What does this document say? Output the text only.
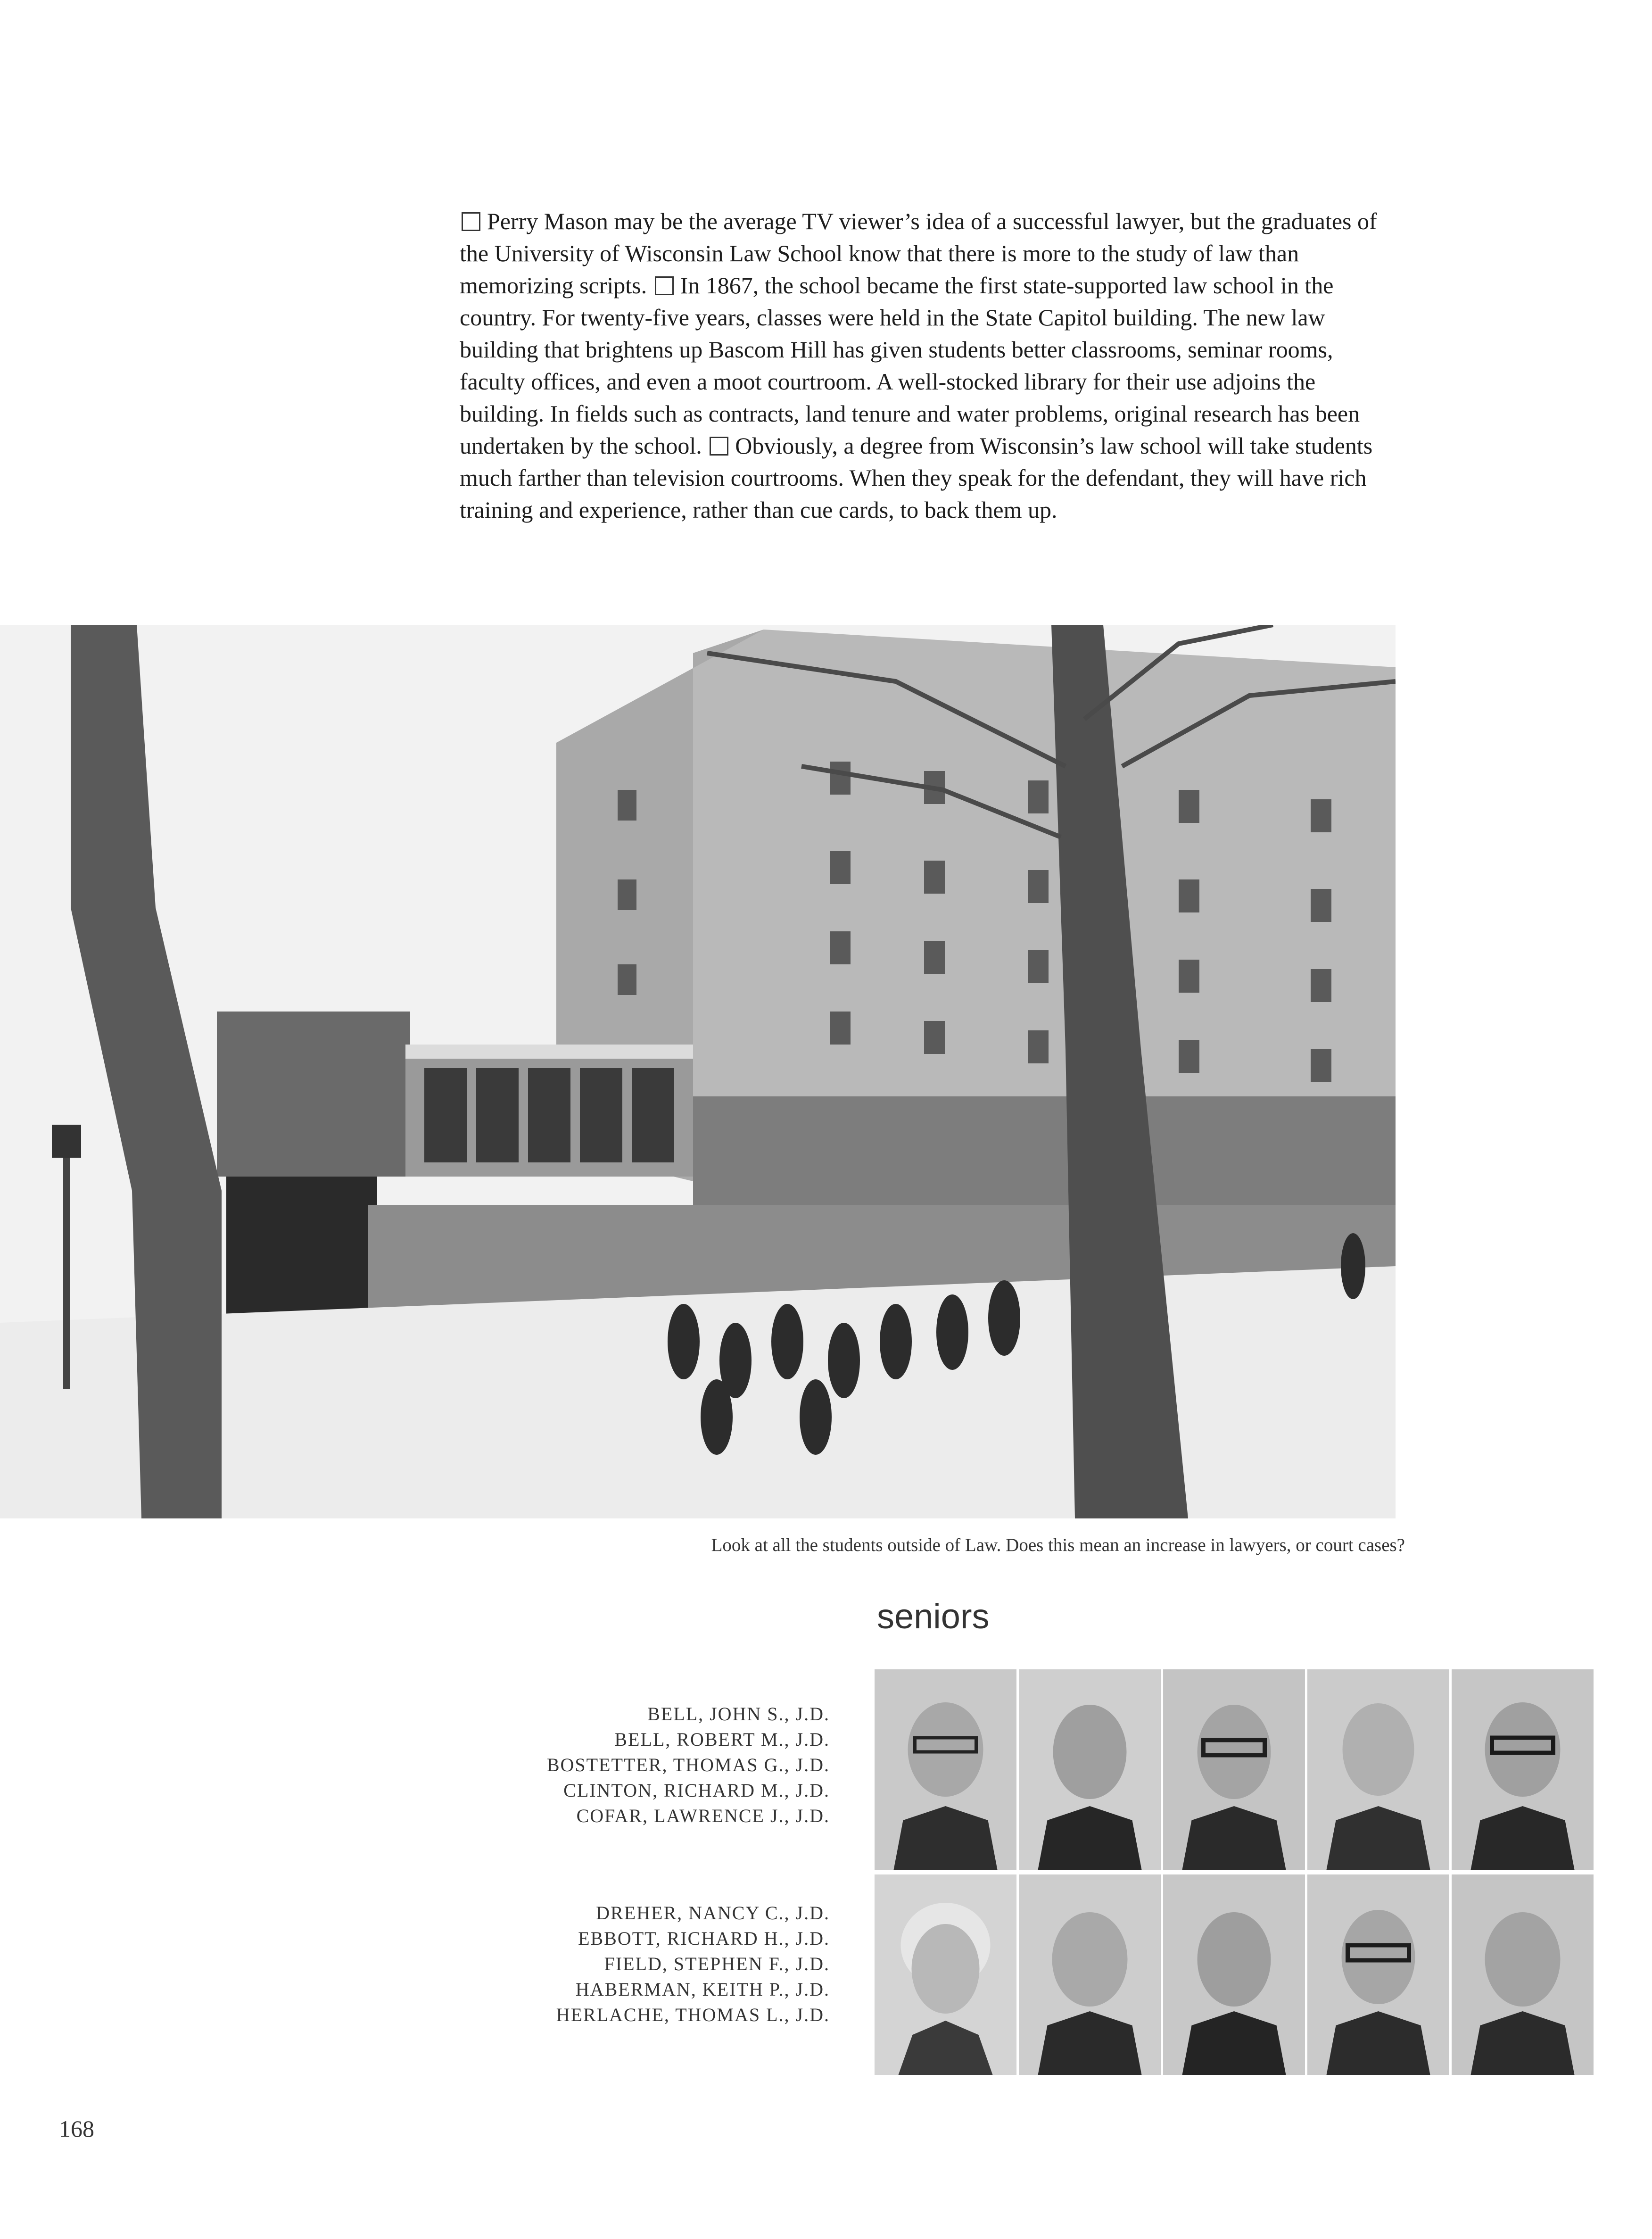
Perry Mason may be the average TV viewer’s idea of a successful lawyer, but the graduates of the University of Wisconsin Law School know that there is more to the study of law than memorizing scripts. In 1867, the school became the first state-supported law school in the country. For twenty-five years, classes were held in the State Capitol building. The new law building that brightens up Bascom Hill has given students better classrooms, seminar rooms, faculty offices, and even a moot courtroom. A well-stocked library for their use adjoins the building. In fields such as contracts, land tenure and water problems, original research has been undertaken by the school. Obviously, a degree from Wisconsin’s law school will take students much farther than television courtrooms. When they speak for the defendant, they will have rich training and experience, rather than cue cards, to back them up.
Look at all the students outside of Law. Does this mean an increase in lawyers, or court cases?
seniors
BELL, JOHN S., J.D.
BELL, ROBERT M., J.D.
BOSTETTER, THOMAS G., J.D.
CLINTON, RICHARD M., J.D.
COFAR, LAWRENCE J., J.D.
DREHER, NANCY C., J.D.
EBBOTT, RICHARD H., J.D.
FIELD, STEPHEN F., J.D.
HABERMAN, KEITH P., J.D.
HERLACHE, THOMAS L., J.D.
168
